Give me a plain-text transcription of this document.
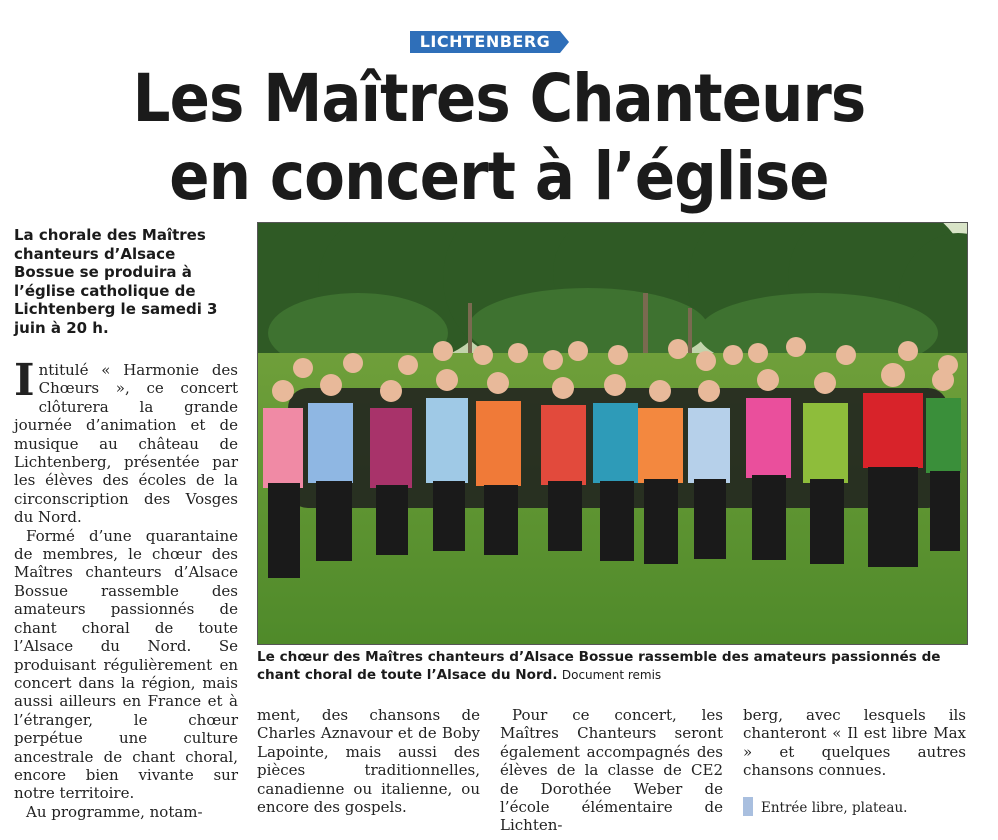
LICHTENBERG
Les Maîtres Chanteurs
en concert à l’église
La chorale des Maîtres chanteurs d’Alsace Bossue se produira à l’église catholique de Lichtenberg le samedi 3 juin à 20 h.

Intitulé « Harmonie des Chœurs », ce concert clôturera la grande journée d’animation et de musique au château de Lichtenberg, présentée par les élèves des écoles de la circonscription des Vosges du Nord.

Formé d’une quarantaine de membres, le chœur des Maîtres chanteurs d’Alsace Bossue rassemble des amateurs passionnés de chant choral de toute l’Alsace du Nord. Se produisant régulièrement en concert dans la région, mais aussi ailleurs en France et à l’étranger, le chœur perpétue une culture ancestrale de chant choral, encore bien vivante sur notre territoire.

Au programme, notam-

Le chœur des Maîtres chanteurs d’Alsace Bossue rassemble des amateurs passionnés de chant choral de toute l’Alsace du Nord. Document remis
ment, des chansons de Charles Aznavour et de Boby Lapointe, mais aussi des pièces traditionnelles, canadienne ou italienne, ou encore des gospels.
Pour ce concert, les Maîtres Chanteurs seront également accompagnés des élèves de la classe de CE2 de Dorothée Weber de l’école élémentaire de Lichten-
berg, avec lesquels ils chanteront « Il est libre Max » et quelques autres chansons connues.
Entrée libre, plateau.
